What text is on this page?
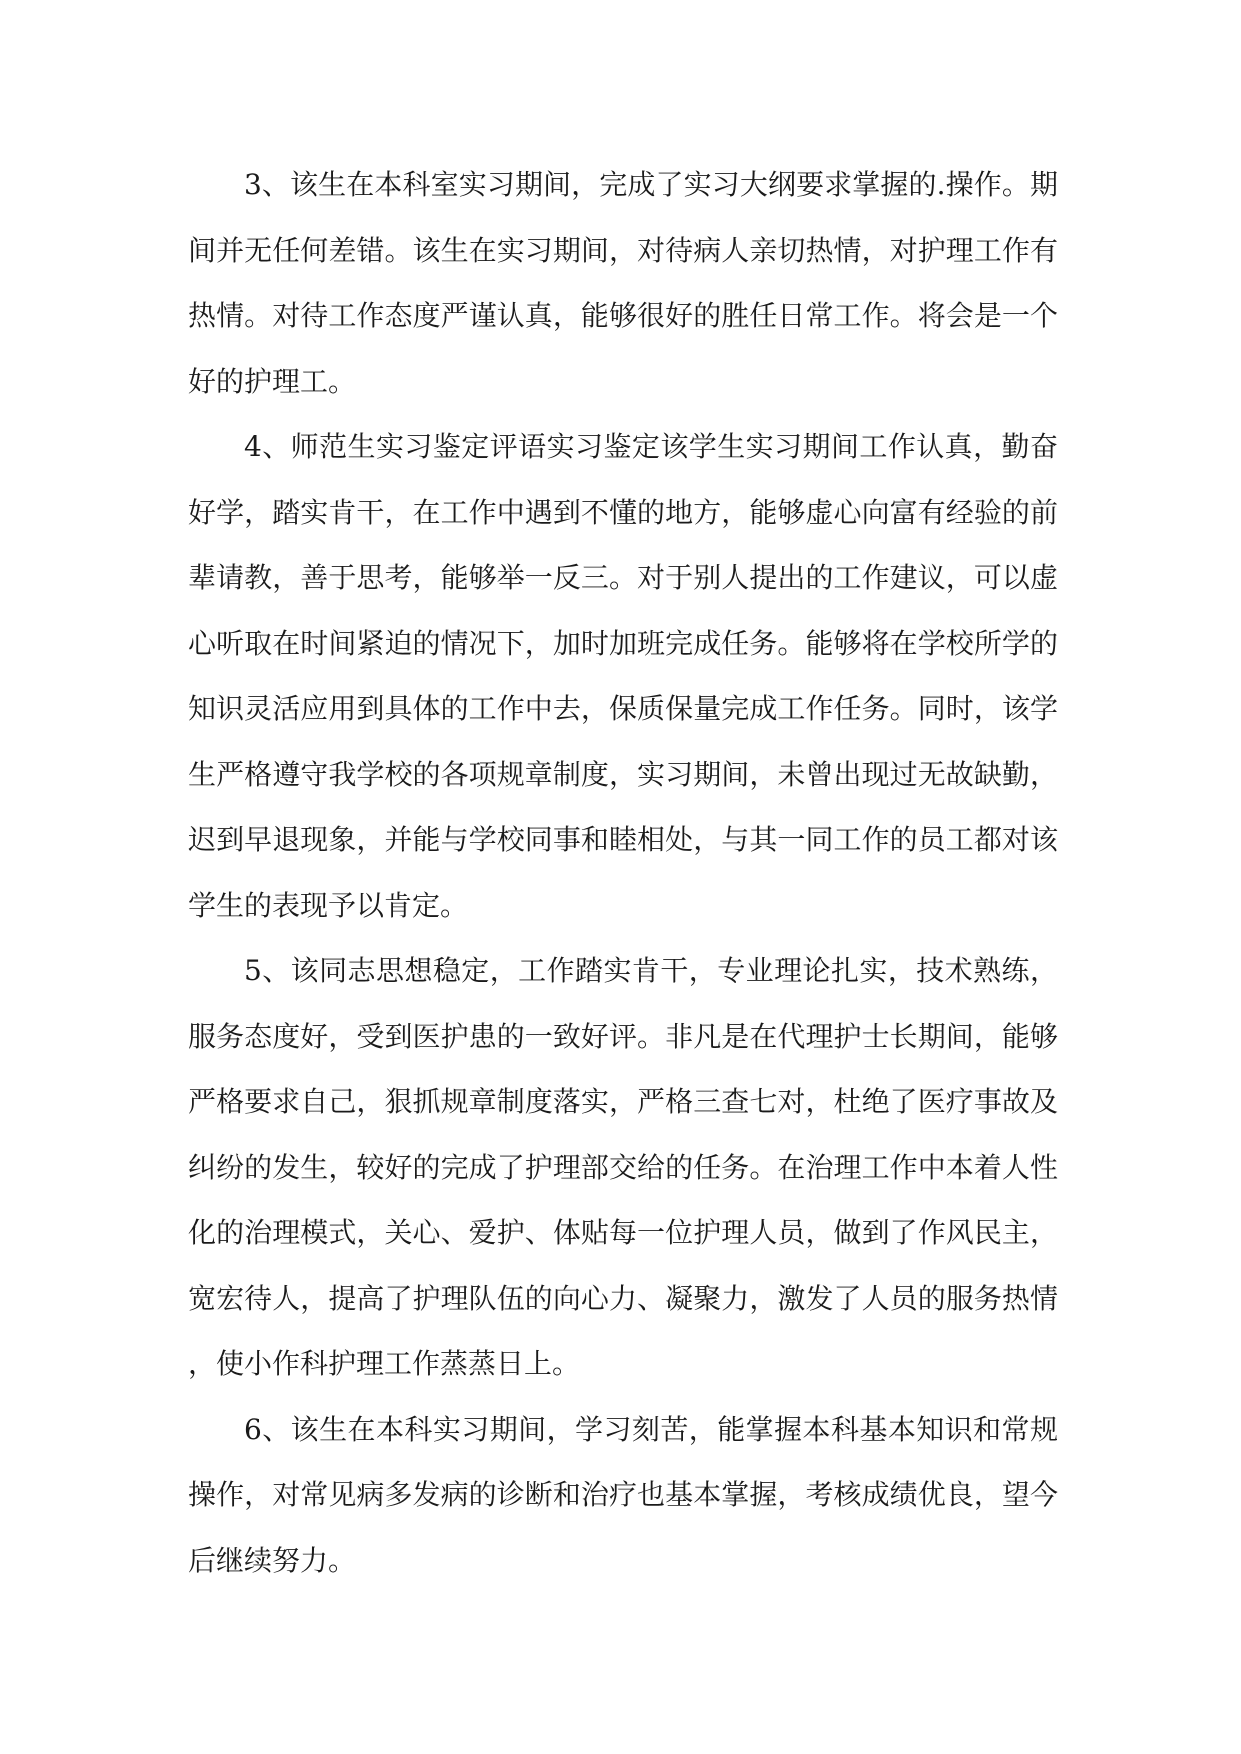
3、该生在本科室实习期间，完成了实习大纲要求掌握的.操作。期间并无任何差错。该生在实习期间，对待病人亲切热情，对护理工作有热情。对待工作态度严谨认真，能够很好的胜任日常工作。将会是一个好的护理工。

4、师范生实习鉴定评语实习鉴定该学生实习期间工作认真，勤奋好学，踏实肯干，在工作中遇到不懂的地方，能够虚心向富有经验的前辈请教，善于思考，能够举一反三。对于别人提出的工作建议，可以虚心听取在时间紧迫的情况下，加时加班完成任务。能够将在学校所学的知识灵活应用到具体的工作中去，保质保量完成工作任务。同时，该学生严格遵守我学校的各项规章制度，实习期间，未曾出现过无故缺勤，迟到早退现象，并能与学校同事和睦相处，与其一同工作的员工都对该学生的表现予以肯定。

5、该同志思想稳定，工作踏实肯干，专业理论扎实，技术熟练，服务态度好，受到医护患的一致好评。非凡是在代理护士长期间，能够严格要求自己，狠抓规章制度落实，严格三查七对，杜绝了医疗事故及纠纷的发生，较好的完成了护理部交给的任务。在治理工作中本着人性化的治理模式，关心、爱护、体贴每一位护理人员，做到了作风民主，宽宏待人，提高了护理队伍的向心力、凝聚力，激发了人员的服务热情，使小作科护理工作蒸蒸日上。

6、该生在本科实习期间，学习刻苦，能掌握本科基本知识和常规操作，对常见病多发病的诊断和治疗也基本掌握，考核成绩优良，望今后继续努力。
